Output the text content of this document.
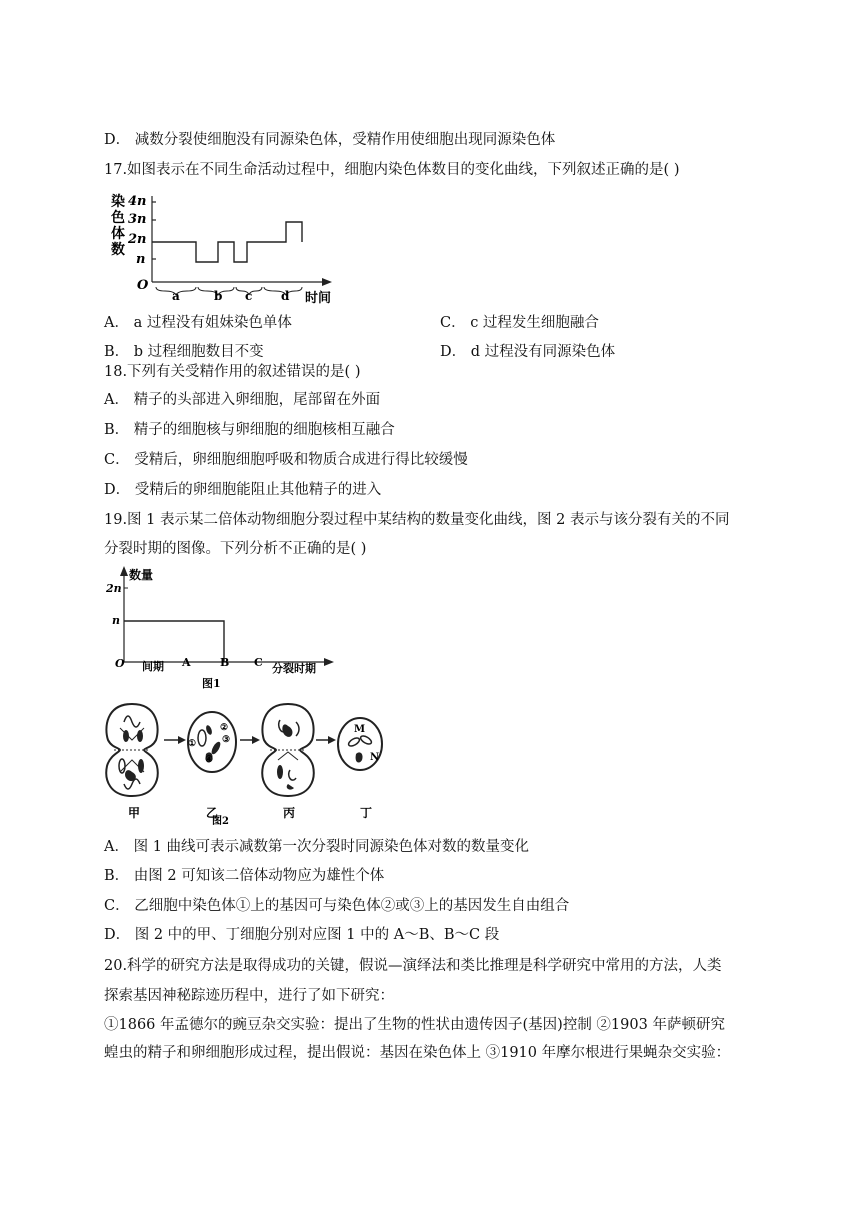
D． 减数分裂使细胞没有同源染色体，受精作用使细胞出现同源染色体
17.如图表示在不同生命活动过程中，细胞内染色体数目的变化曲线，下列叙述正确的是( )
染
色
体
数
4n
3n
2n
n
O
时间
a	b c d
A． a 过程没有姐妹染色单体	C． c 过程发生细胞融合
B． b 过程细胞数目不变	D． d 过程没有同源染色体
18.下列有关受精作用的叙述错误的是( )
A． 精子的头部进入卵细胞，尾部留在外面
B． 精子的细胞核与卵细胞的细胞核相互融合
C． 受精后，卵细胞细胞呼吸和物质合成进行得比较缓慢
D． 受精后的卵细胞能阻止其他精子的进入
19.图 1 表示某二倍体动物细胞分裂过程中某结构的数量变化曲线，图 2 表示与该分裂有关的不同
分裂时期的图像。下列分析不正确的是( )
数量
2n
n
O 间期 A	B C 分裂时期
图1
甲
①
②
③
④
乙	丙
M
N
丁
图2
A． 图 1 曲线可表示减数第一次分裂时同源染色体对数的数量变化
B． 由图 2 可知该二倍体动物应为雄性个体
C． 乙细胞中染色体①上的基因可与染色体②或③上的基因发生自由组合
D． 图 2 中的甲、丁细胞分别对应图 1 中的 A～B、B～C 段
20.科学的研究方法是取得成功的关键，假说—演绎法和类比推理是科学研究中常用的方法，人类
探索基因神秘踪迹历程中，进行了如下研究：
①1866 年孟德尔的豌豆杂交实验：提出了生物的性状由遗传因子(基因)控制 ②1903 年萨顿研究
蝗虫的精子和卵细胞形成过程，提出假说：基因在染色体上 ③1910 年摩尔根进行果蝇杂交实验：
